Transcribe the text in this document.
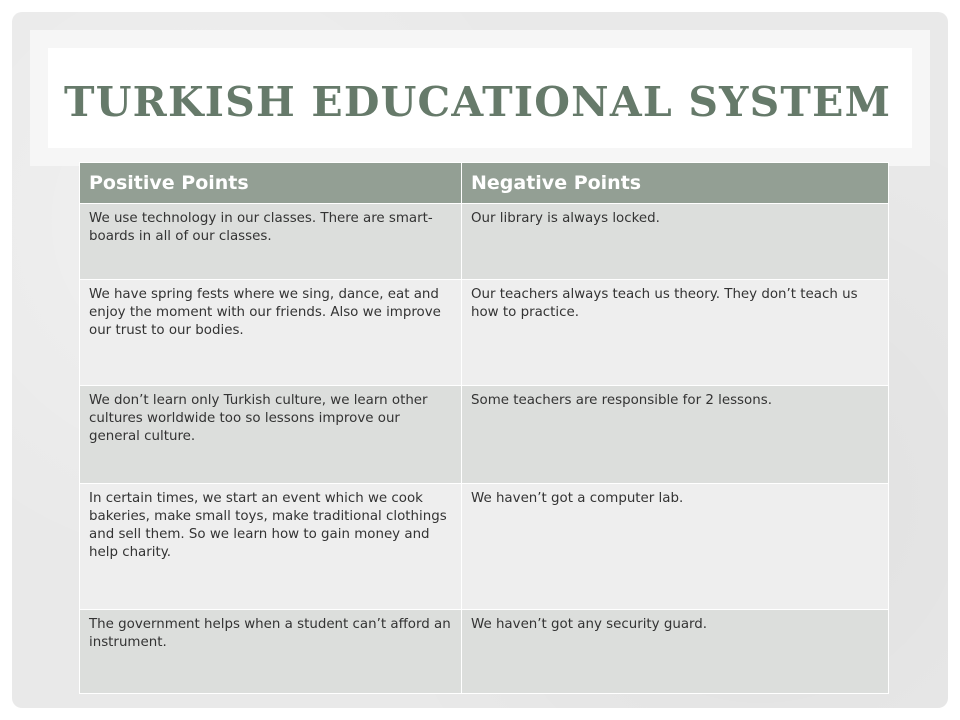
TURKISH EDUCATIONAL SYSTEM
Positive Points	Negative Points
We use technology in our classes. There are smart-boards in all of our classes.	Our library is always locked.
We have spring fests where we sing, dance, eat and enjoy the moment with our friends. Also we improve our trust to our bodies.	Our teachers always teach us theory. They don’t teach us how to practice.
We don’t learn only Turkish culture, we learn other cultures worldwide too so lessons improve our general culture.	Some teachers are responsible for 2 lessons.
In certain times, we start an event which we cook bakeries, make small toys, make traditional clothings and sell them. So we learn how to gain money and help charity.	We haven’t got a computer lab.
The government helps when a student can’t afford an instrument.	We haven’t got any security guard.
